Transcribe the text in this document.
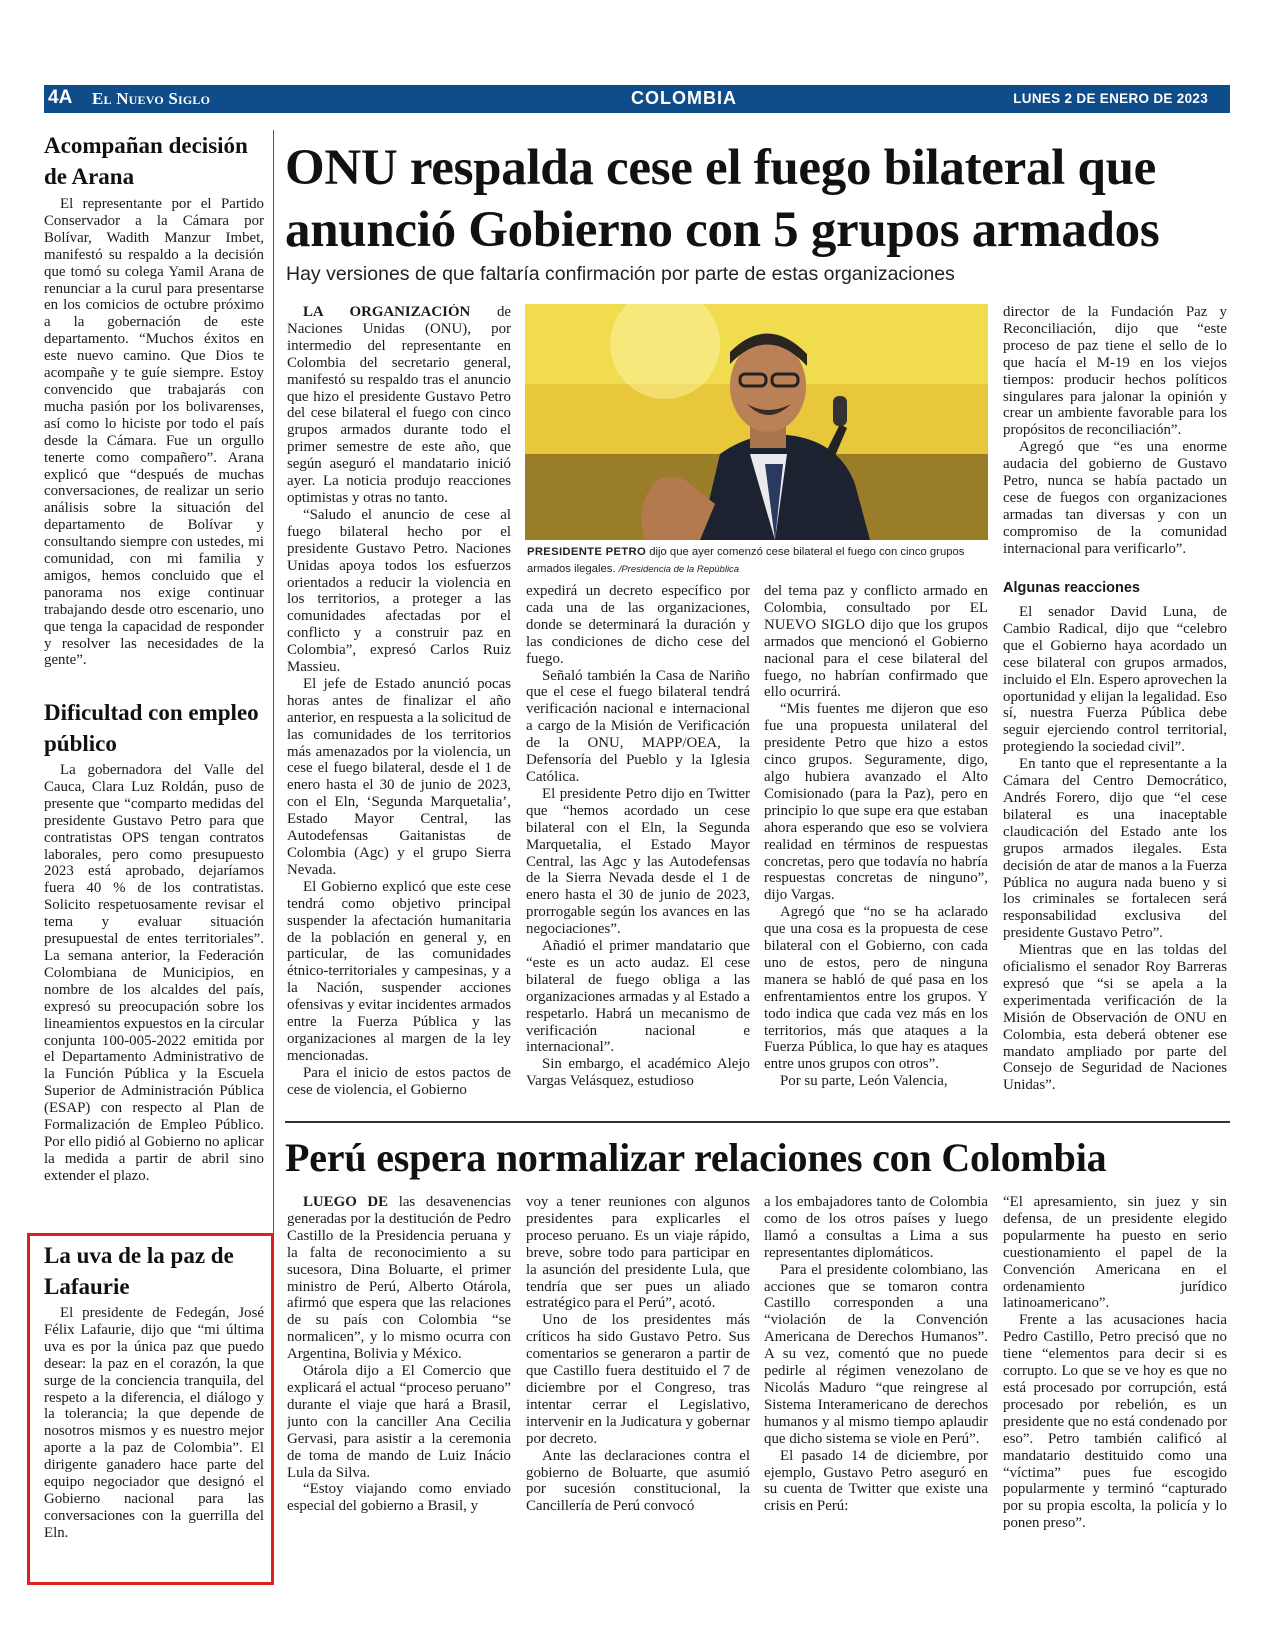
4A El Nuevo Siglo	COLOMBIA	LUNES 2 DE ENERO DE 2023
Acompañan decisión de Arana

El representante por el Partido Conservador a la Cámara por Bolívar, Wadith Manzur Imbet, manifestó su respaldo a la decisión que tomó su colega Yamil Arana de renunciar a la curul para presentarse en los comicios de octubre próximo a la gobernación de este departamento. “Muchos éxitos en este nuevo camino. Que Dios te acompañe y te guíe siempre. Estoy convencido que trabajarás con mucha pasión por los bolivarenses, así como lo hiciste por todo el país desde la Cámara. Fue un orgullo tenerte como compañero”. Arana explicó que “después de muchas conversaciones, de realizar un serio análisis sobre la situación del departamento de Bolívar y consultando siempre con ustedes, mi comunidad, con mi familia y amigos, hemos concluido que el panorama nos exige continuar trabajando desde otro escenario, uno que tenga la capacidad de responder y resolver las necesidades de la gente”.

Dificultad con empleo público

La gobernadora del Valle del Cauca, Clara Luz Roldán, puso de presente que “comparto medidas del presidente Gustavo Petro para que contratistas OPS tengan contratos laborales, pero como presupuesto 2023 está aprobado, dejaríamos fuera 40 % de los contratistas. Solicito respetuosamente revisar el tema y evaluar situación presupuestal de entes territoriales”. La semana anterior, la Federación Colombiana de Municipios, en nombre de los alcaldes del país, expresó su preocupación sobre los lineamientos expuestos en la circular conjunta 100-005-2022 emitida por el Departamento Administrativo de la Función Pública y la Escuela Superior de Administración Pública (ESAP) con respecto al Plan de Formalización de Empleo Público. Por ello pidió al Gobierno no aplicar la medida a partir de abril sino extender el plazo.

La uva de la paz de Lafaurie

El presidente de Fedegán, José Félix Lafaurie, dijo que “mi última uva es por la única paz que puedo desear: la paz en el corazón, la que surge de la conciencia tranquila, del respeto a la diferencia, el diálogo y la tolerancia; la que depende de nosotros mismos y es nuestro mejor aporte a la paz de Colombia”. El dirigente ganadero hace parte del equipo negociador que designó el Gobierno nacional para las conversaciones con la guerrilla del Eln.

ONU respalda cese el fuego bilateral que anunció Gobierno con 5 grupos armados

Hay versiones de que faltaría confirmación por parte de estas organizaciones

LA ORGANIZACIÓN de Naciones Unidas (ONU), por intermedio del representante en Colombia del secretario general, manifestó su respaldo tras el anuncio que hizo el presidente Gustavo Petro del cese bilateral el fuego con cinco grupos armados durante todo el primer semestre de este año, que según aseguró el mandatario inició ayer. La noticia produjo reacciones optimistas y otras no tanto.

“Saludo el anuncio de cese al fuego bilateral hecho por el presidente Gustavo Petro. Naciones Unidas apoya todos los esfuerzos orientados a reducir la violencia en los territorios, a proteger a las comunidades afectadas por el conflicto y a construir paz en Colombia”, expresó Carlos Ruiz Massieu.

El jefe de Estado anunció pocas horas antes de finalizar el año anterior, en respuesta a la solicitud de las comunidades de los territorios más amenazados por la violencia, un cese el fuego bilateral, desde el 1 de enero hasta el 30 de junio de 2023, con el Eln, ‘Segunda Marquetalia’, Estado Mayor Central, las Autodefensas Gaitanistas de Colombia (Agc) y el grupo Sierra Nevada.

El Gobierno explicó que este cese tendrá como objetivo principal suspender la afectación humanitaria de la población en general y, en particular, de las comunidades étnico-territoriales y campesinas, y a la Nación, suspender acciones ofensivas y evitar incidentes armados entre la Fuerza Pública y las organizaciones al margen de la ley mencionadas.

Para el inicio de estos pactos de cese de violencia, el Gobierno

PRESIDENTE PETRO dijo que ayer comenzó cese bilateral el fuego con cinco grupos armados ilegales. /Presidencia de la República

expedirá un decreto específico por cada una de las organizaciones, donde se determinará la duración y las condiciones de dicho cese del fuego.

Señaló también la Casa de Nariño que el cese el fuego bilateral tendrá verificación nacional e internacional a cargo de la Misión de Verificación de la ONU, MAPP/OEA, la Defensoría del Pueblo y la Iglesia Católica.

El presidente Petro dijo en Twitter que “hemos acordado un cese bilateral con el Eln, la Segunda Marquetalia, el Estado Mayor Central, las Agc y las Autodefensas de la Sierra Nevada desde el 1 de enero hasta el 30 de junio de 2023, prorrogable según los avances en las negociaciones”.

Añadió el primer mandatario que “este es un acto audaz. El cese bilateral de fuego obliga a las organizaciones armadas y al Estado a respetarlo. Habrá un mecanismo de verificación nacional e internacional”.

Sin embargo, el académico Alejo Vargas Velásquez, estudioso

del tema paz y conflicto armado en Colombia, consultado por EL NUEVO SIGLO dijo que los grupos armados que mencionó el Gobierno nacional para el cese bilateral del fuego, no habrían confirmado que ello ocurrirá.

“Mis fuentes me dijeron que eso fue una propuesta unilateral del presidente Petro que hizo a estos cinco grupos. Seguramente, digo, algo hubiera avanzado el Alto Comisionado (para la Paz), pero en principio lo que supe era que estaban ahora esperando que eso se volviera realidad en términos de respuestas concretas, pero que todavía no habría respuestas concretas de ninguno”, dijo Vargas.

Agregó que “no se ha aclarado que una cosa es la propuesta de cese bilateral con el Gobierno, con cada uno de estos, pero de ninguna manera se habló de qué pasa en los enfrentamientos entre los grupos. Y todo indica que cada vez más en los territorios, más que ataques a la Fuerza Pública, lo que hay es ataques entre unos grupos con otros”.

Por su parte, León Valencia,

director de la Fundación Paz y Reconciliación, dijo que “este proceso de paz tiene el sello de lo que hacía el M-19 en los viejos tiempos: producir hechos políticos singulares para jalonar la opinión y crear un ambiente favorable para los propósitos de reconciliación”.

Agregó que “es una enorme audacia del gobierno de Gustavo Petro, nunca se había pactado un cese de fuegos con organizaciones armadas tan diversas y con un compromiso de la comunidad internacional para verificarlo”.

Algunas reacciones

El senador David Luna, de Cambio Radical, dijo que “celebro que el Gobierno haya acordado un cese bilateral con grupos armados, incluido el Eln. Espero aprovechen la oportunidad y elijan la legalidad. Eso sí, nuestra Fuerza Pública debe seguir ejerciendo control territorial, protegiendo la sociedad civil”.

En tanto que el representante a la Cámara del Centro Democrático, Andrés Forero, dijo que “el cese bilateral es una inaceptable claudicación del Estado ante los grupos armados ilegales. Esta decisión de atar de manos a la Fuerza Pública no augura nada bueno y si los criminales se fortalecen será responsabilidad exclusiva del presidente Gustavo Petro”.

Mientras que en las toldas del oficialismo el senador Roy Barreras expresó que “si se apela a la experimentada verificación de la Misión de Observación de ONU en Colombia, esta deberá obtener ese mandato ampliado por parte del Consejo de Seguridad de Naciones Unidas”.

Perú espera normalizar relaciones con Colombia

LUEGO DE las desavenencias generadas por la destitución de Pedro Castillo de la Presidencia peruana y la falta de reconocimiento a su sucesora, Dina Boluarte, el primer ministro de Perú, Alberto Otárola, afirmó que espera que las relaciones de su país con Colombia “se normalicen”, y lo mismo ocurra con Argentina, Bolivia y México.

Otárola dijo a El Comercio que explicará el actual “proceso peruano” durante el viaje que hará a Brasil, junto con la canciller Ana Cecilia Gervasi, para asistir a la ceremonia de toma de mando de Luiz Inácio Lula da Silva.

“Estoy viajando como enviado especial del gobierno a Brasil, y

voy a tener reuniones con algunos presidentes para explicarles el proceso peruano. Es un viaje rápido, breve, sobre todo para participar en la asunción del presidente Lula, que tendría que ser pues un aliado estratégico para el Perú”, acotó.

Uno de los presidentes más críticos ha sido Gustavo Petro. Sus comentarios se generaron a partir de que Castillo fuera destituido el 7 de diciembre por el Congreso, tras intentar cerrar el Legislativo, intervenir en la Judicatura y gobernar por decreto.

Ante las declaraciones contra el gobierno de Boluarte, que asumió por sucesión constitucional, la Cancillería de Perú convocó

a los embajadores tanto de Colombia como de los otros países y luego llamó a consultas a Lima a sus representantes diplomáticos.

Para el presidente colombiano, las acciones que se tomaron contra Castillo corresponden a una “violación de la Convención Americana de Derechos Humanos”. A su vez, comentó que no puede pedirle al régimen venezolano de Nicolás Maduro “que reingrese al Sistema Interamericano de derechos humanos y al mismo tiempo aplaudir que dicho sistema se viole en Perú”.

El pasado 14 de diciembre, por ejemplo, Gustavo Petro aseguró en su cuenta de Twitter que existe una crisis en Perú:

“El apresamiento, sin juez y sin defensa, de un presidente elegido popularmente ha puesto en serio cuestionamiento el papel de la Convención Americana en el ordenamiento jurídico latinoamericano”.

Frente a las acusaciones hacia Pedro Castillo, Petro precisó que no tiene “elementos para decir si es corrupto. Lo que se ve hoy es que no está procesado por corrupción, está procesado por rebelión, es un presidente que no está condenado por eso”. Petro también calificó al mandatario destituido como una “víctima” pues fue escogido popularmente y terminó “capturado por su propia escolta, la policía y lo ponen preso”.
